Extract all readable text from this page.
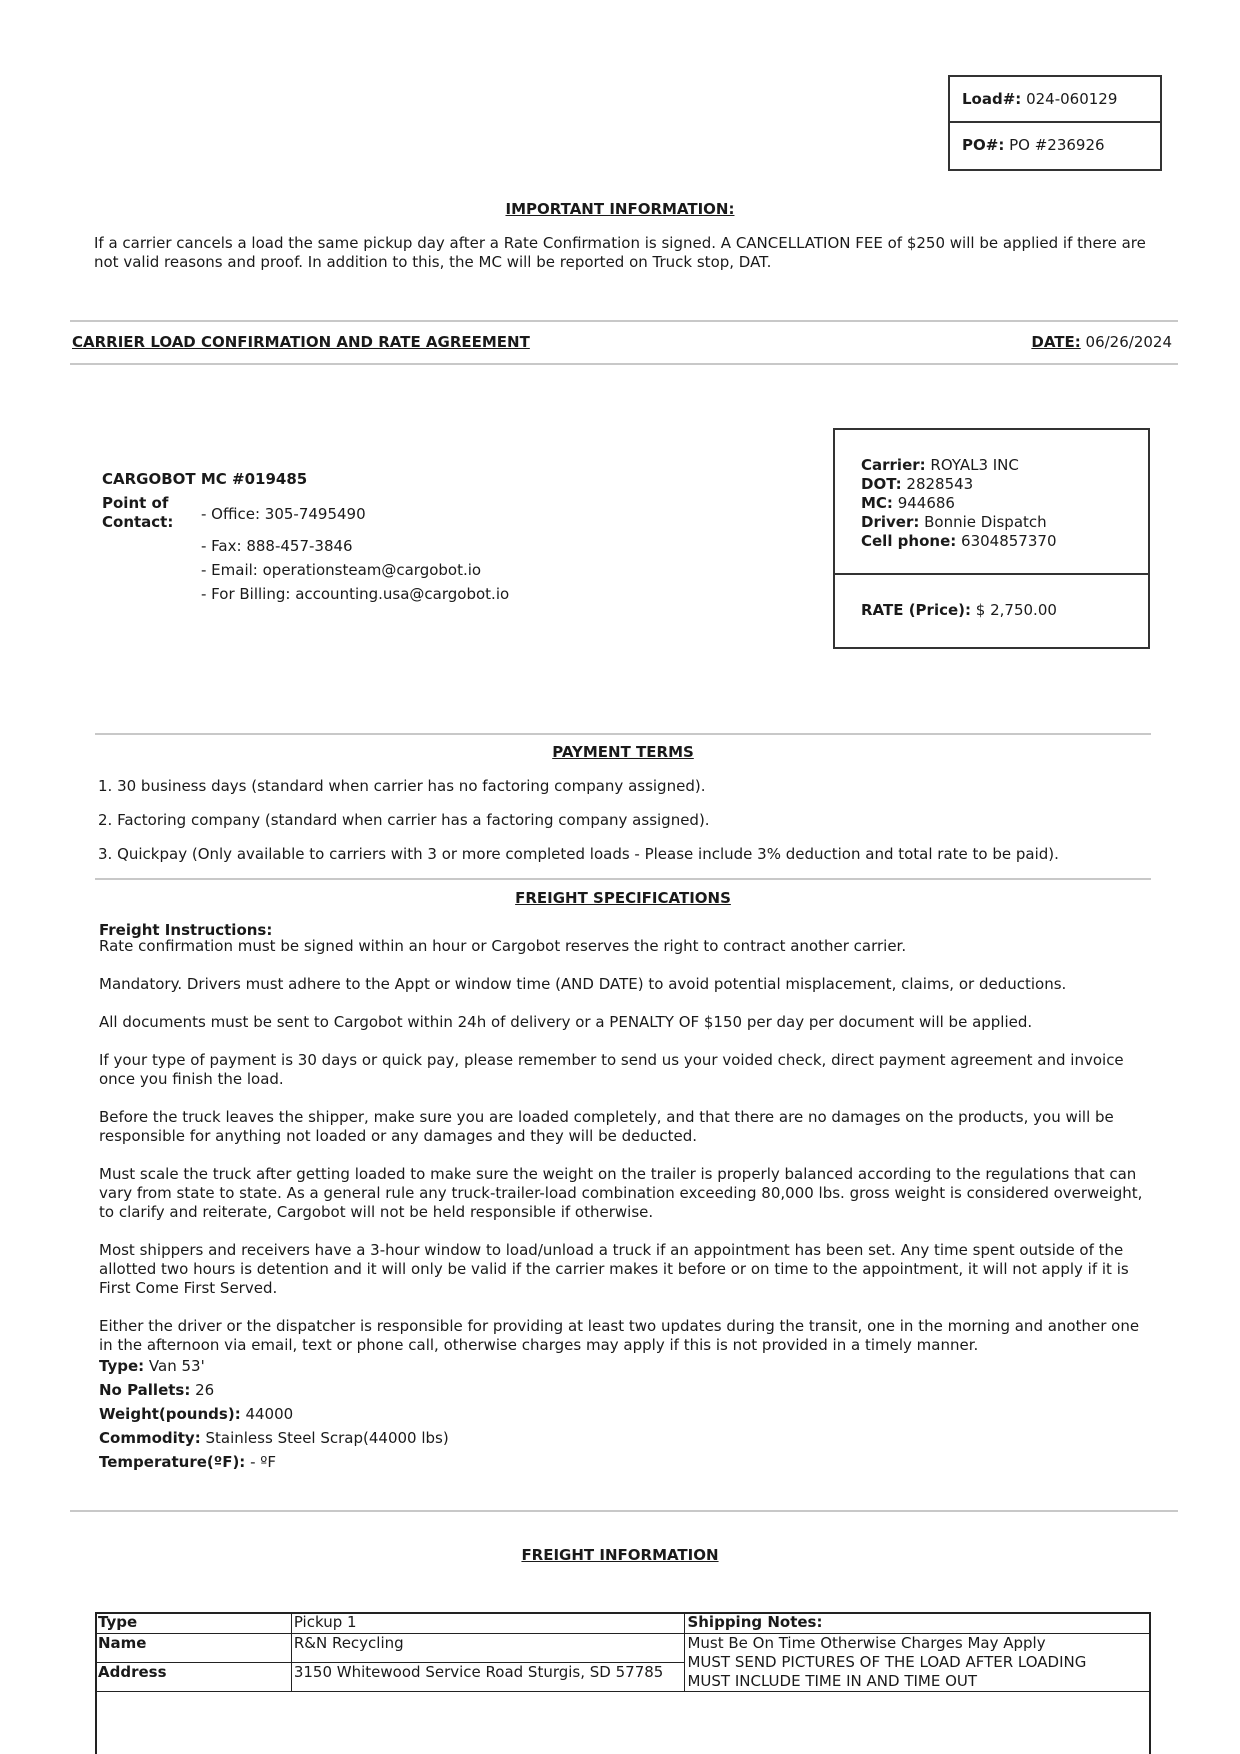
Load#: 024-060129
PO#: PO #236926
IMPORTANT INFORMATION:
If a carrier cancels a load the same pickup day after a Rate Confirmation is signed. A CANCELLATION FEE of $250 will be applied if there are not valid reasons and proof. In addition to this, the MC will be reported on Truck stop, DAT.
CARRIER LOAD CONFIRMATION AND RATE AGREEMENT	DATE: 06/26/2024
CARGOBOT MC #019485
Point of Contact:	- Office: 305-7495490
- Fax: 888-457-3846
- Email: operationsteam@cargobot.io
- For Billing: accounting.usa@cargobot.io
Carrier: ROYAL3 INC
DOT: 2828543
MC: 944686
Driver: Bonnie Dispatch
Cell phone: 6304857370
RATE (Price): $ 2,750.00
PAYMENT TERMS
1. 30 business days (standard when carrier has no factoring company assigned).
2. Factoring company (standard when carrier has a factoring company assigned).
3. Quickpay (Only available to carriers with 3 or more completed loads - Please include 3% deduction and total rate to be paid).
FREIGHT SPECIFICATIONS
Freight Instructions:

Rate confirmation must be signed within an hour or Cargobot reserves the right to contract another carrier.

Mandatory. Drivers must adhere to the Appt or window time (AND DATE) to avoid potential misplacement, claims, or deductions.

All documents must be sent to Cargobot within 24h of delivery or a PENALTY OF $150 per day per document will be applied.

If your type of payment is 30 days or quick pay, please remember to send us your voided check, direct payment agreement and invoice once you finish the load.

Before the truck leaves the shipper, make sure you are loaded completely, and that there are no damages on the products, you will be responsible for anything not loaded or any damages and they will be deducted.

Must scale the truck after getting loaded to make sure the weight on the trailer is properly balanced according to the regulations that can vary from state to state. As a general rule any truck-trailer-load combination exceeding 80,000 lbs. gross weight is considered overweight, to clarify and reiterate, Cargobot will not be held responsible if otherwise.

Most shippers and receivers have a 3-hour window to load/unload a truck if an appointment has been set. Any time spent outside of the allotted two hours is detention and it will only be valid if the carrier makes it before or on time to the appointment, it will not apply if it is First Come First Served.

Either the driver or the dispatcher is responsible for providing at least two updates during the transit, one in the morning and another one in the afternoon via email, text or phone call, otherwise charges may apply if this is not provided in a timely manner.

Type: Van 53'
No Pallets: 26
Weight(pounds): 44000
Commodity: Stainless Steel Scrap(44000 lbs)
Temperature(ºF): - ºF
FREIGHT INFORMATION
Type	Pickup 1	Shipping Notes:
Name	R&N Recycling	Must Be On Time Otherwise Charges May Apply
MUST SEND PICTURES OF THE LOAD AFTER LOADING
MUST INCLUDE TIME IN AND TIME OUT

Address	3150 Whitewood Service Road Sturgis, SD 57785	
